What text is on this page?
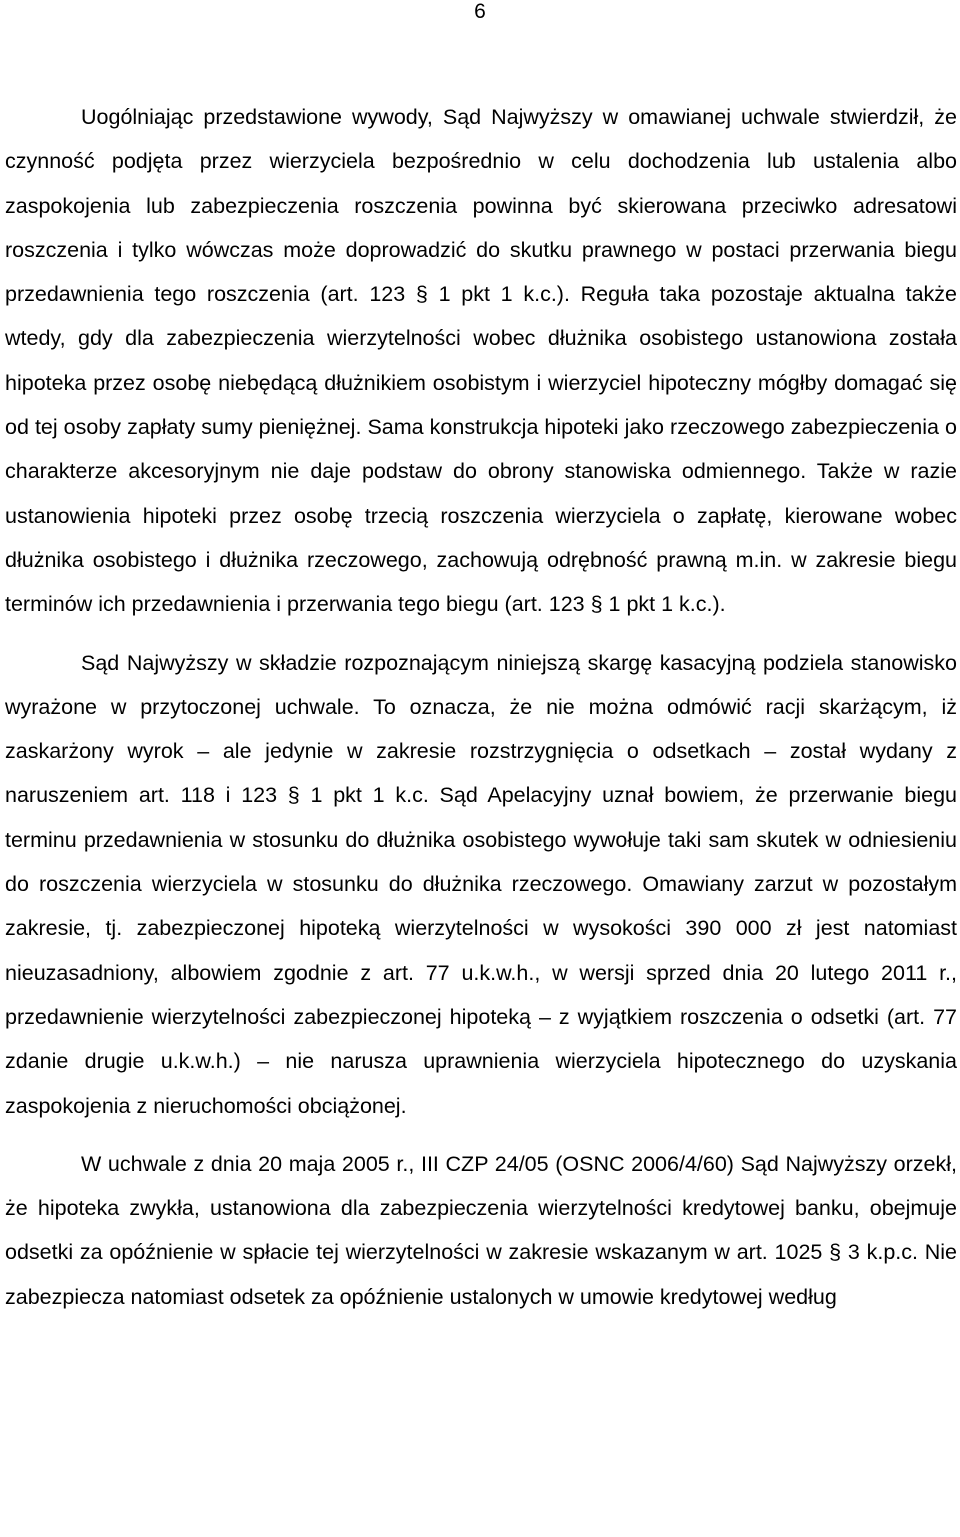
6

Uogólniając przedstawione wywody, Sąd Najwyższy w omawianej uchwale stwierdził, że czynność podjęta przez wierzyciela bezpośrednio w celu dochodzenia lub ustalenia albo zaspokojenia lub zabezpieczenia roszczenia powinna być skierowana przeciwko adresatowi roszczenia i tylko wówczas może doprowadzić do skutku prawnego w postaci przerwania biegu przedawnienia tego roszczenia (art. 123 § 1 pkt 1 k.c.). Reguła taka pozostaje aktualna także wtedy, gdy dla zabezpieczenia wierzytelności wobec dłużnika osobistego ustanowiona została hipoteka przez osobę niebędącą dłużnikiem osobistym i wierzyciel hipoteczny mógłby domagać się od tej osoby zapłaty sumy pieniężnej. Sama konstrukcja hipoteki jako rzeczowego zabezpieczenia o charakterze akcesoryjnym nie daje podstaw do obrony stanowiska odmiennego. Także w razie ustanowienia hipoteki przez osobę trzecią roszczenia wierzyciela o zapłatę, kierowane wobec dłużnika osobistego i dłużnika rzeczowego, zachowują odrębność prawną m.in. w zakresie biegu terminów ich przedawnienia i przerwania tego biegu (art. 123 § 1 pkt 1 k.c.).

Sąd Najwyższy w składzie rozpoznającym niniejszą skargę kasacyjną podziela stanowisko wyrażone w przytoczonej uchwale. To oznacza, że nie można odmówić racji skarżącym, iż zaskarżony wyrok – ale jedynie w zakresie rozstrzygnięcia o odsetkach – został wydany z naruszeniem art. 118 i 123 § 1 pkt 1 k.c. Sąd Apelacyjny uznał bowiem, że przerwanie biegu terminu przedawnienia w stosunku do dłużnika osobistego wywołuje taki sam skutek w odniesieniu do roszczenia wierzyciela w stosunku do dłużnika rzeczowego. Omawiany zarzut w pozostałym zakresie, tj. zabezpieczonej hipoteką wierzytelności w wysokości 390 000 zł jest natomiast nieuzasadniony, albowiem zgodnie z art. 77 u.k.w.h., w wersji sprzed dnia 20 lutego 2011 r., przedawnienie wierzytelności zabezpieczonej hipoteką – z wyjątkiem roszczenia o odsetki (art. 77 zdanie drugie u.k.w.h.) – nie narusza uprawnienia wierzyciela hipotecznego do uzyskania zaspokojenia z nieruchomości obciążonej.

W uchwale z dnia 20 maja 2005 r., III CZP 24/05 (OSNC 2006/4/60) Sąd Najwyższy orzekł, że hipoteka zwykła, ustanowiona dla zabezpieczenia wierzytelności kredytowej banku, obejmuje odsetki za opóźnienie w spłacie tej wierzytelności w zakresie wskazanym w art. 1025 § 3 k.p.c. Nie zabezpiecza natomiast odsetek za opóźnienie ustalonych w umowie kredytowej według
